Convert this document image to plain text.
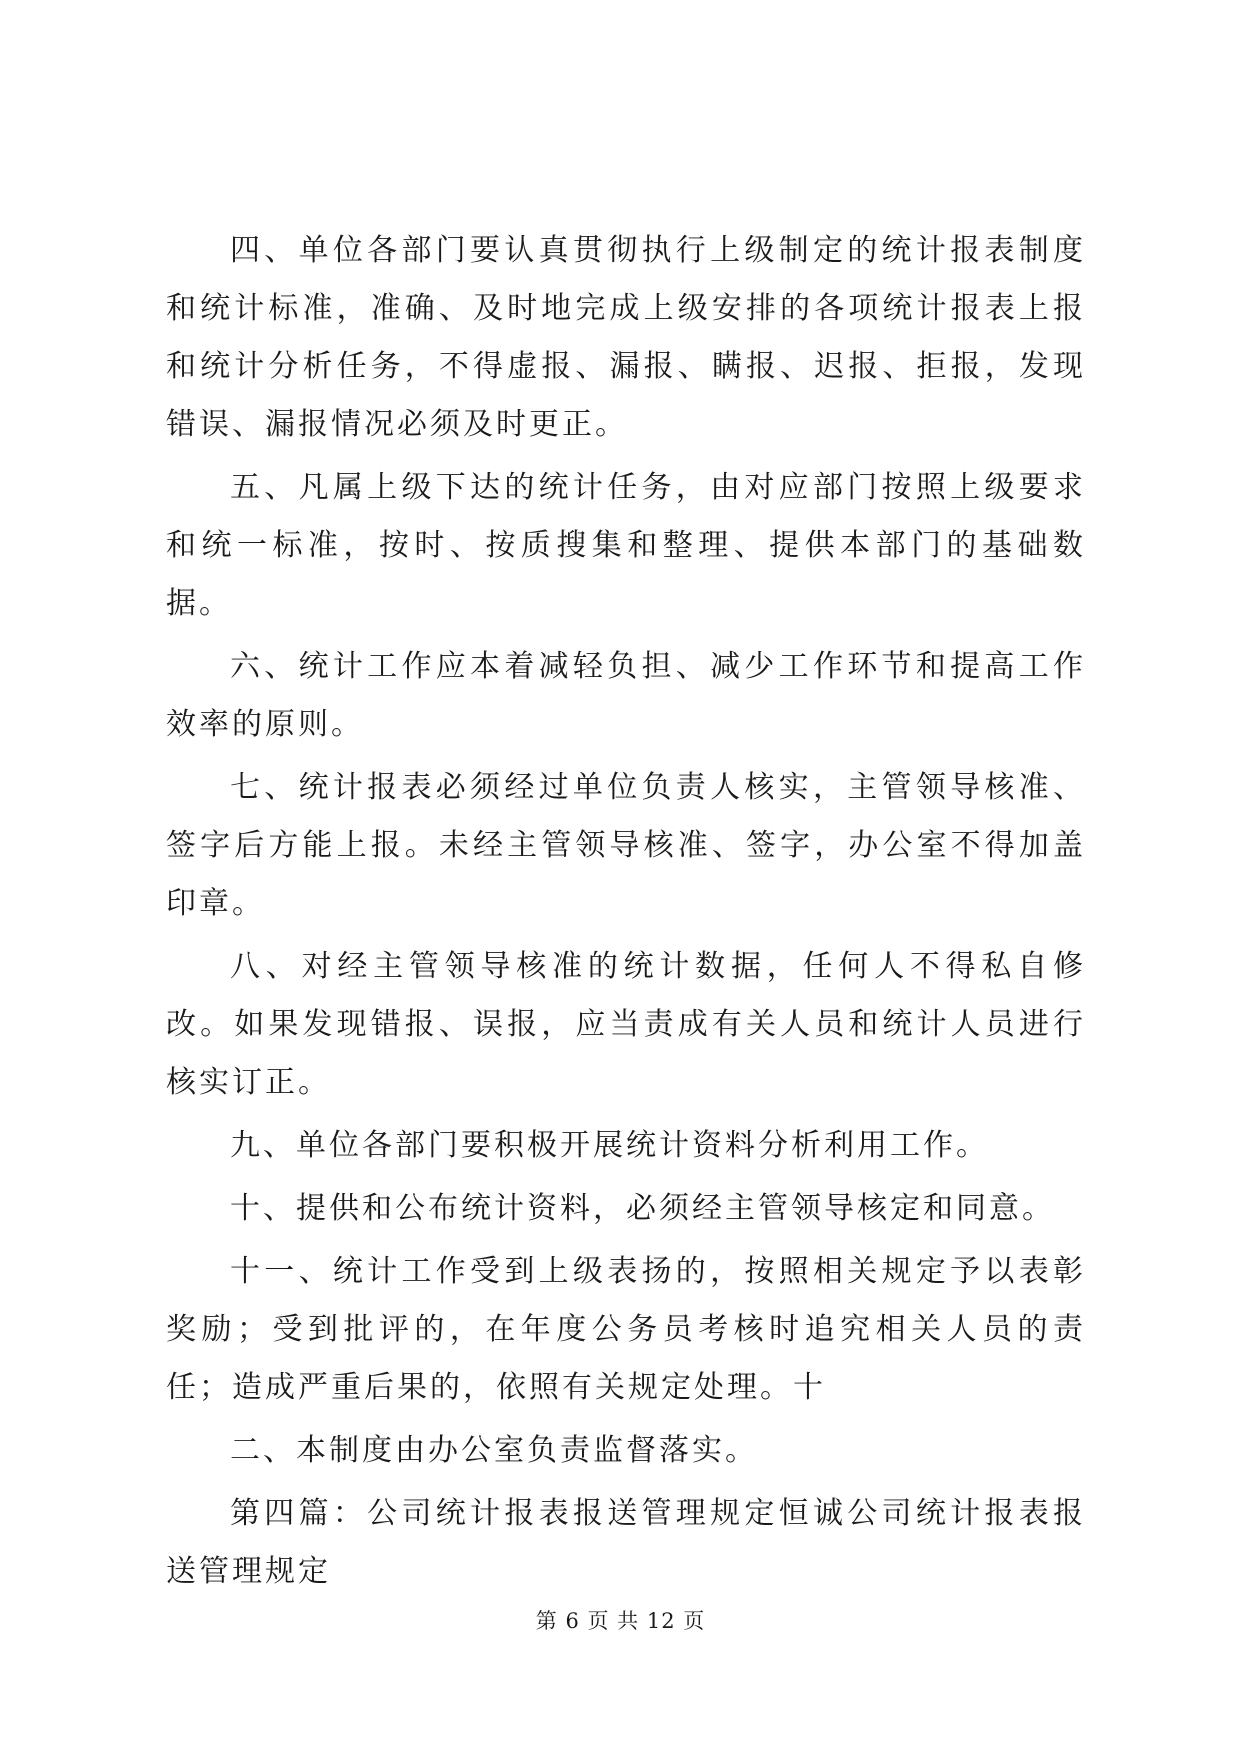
四、单位各部门要认真贯彻执行上级制定的统计报表制度和统计标准，准确、及时地完成上级安排的各项统计报表上报和统计分析任务，不得虚报、漏报、瞒报、迟报、拒报，发现错误、漏报情况必须及时更正。

五、凡属上级下达的统计任务，由对应部门按照上级要求和统一标准，按时、按质搜集和整理、提供本部门的基础数据。

六、统计工作应本着减轻负担、减少工作环节和提高工作效率的原则。

七、统计报表必须经过单位负责人核实，主管领导核准、签字后方能上报。未经主管领导核准、签字，办公室不得加盖印章。

八、对经主管领导核准的统计数据，任何人不得私自修改。如果发现错报、误报，应当责成有关人员和统计人员进行核实订正。

九、单位各部门要积极开展统计资料分析利用工作。

十、提供和公布统计资料，必须经主管领导核定和同意。

十一、统计工作受到上级表扬的，按照相关规定予以表彰奖励；受到批评的，在年度公务员考核时追究相关人员的责任；造成严重后果的，依照有关规定处理。十

二、本制度由办公室负责监督落实。

第四篇：公司统计报表报送管理规定恒诚公司统计报表报送管理规定

第 6 页 共 12 页
